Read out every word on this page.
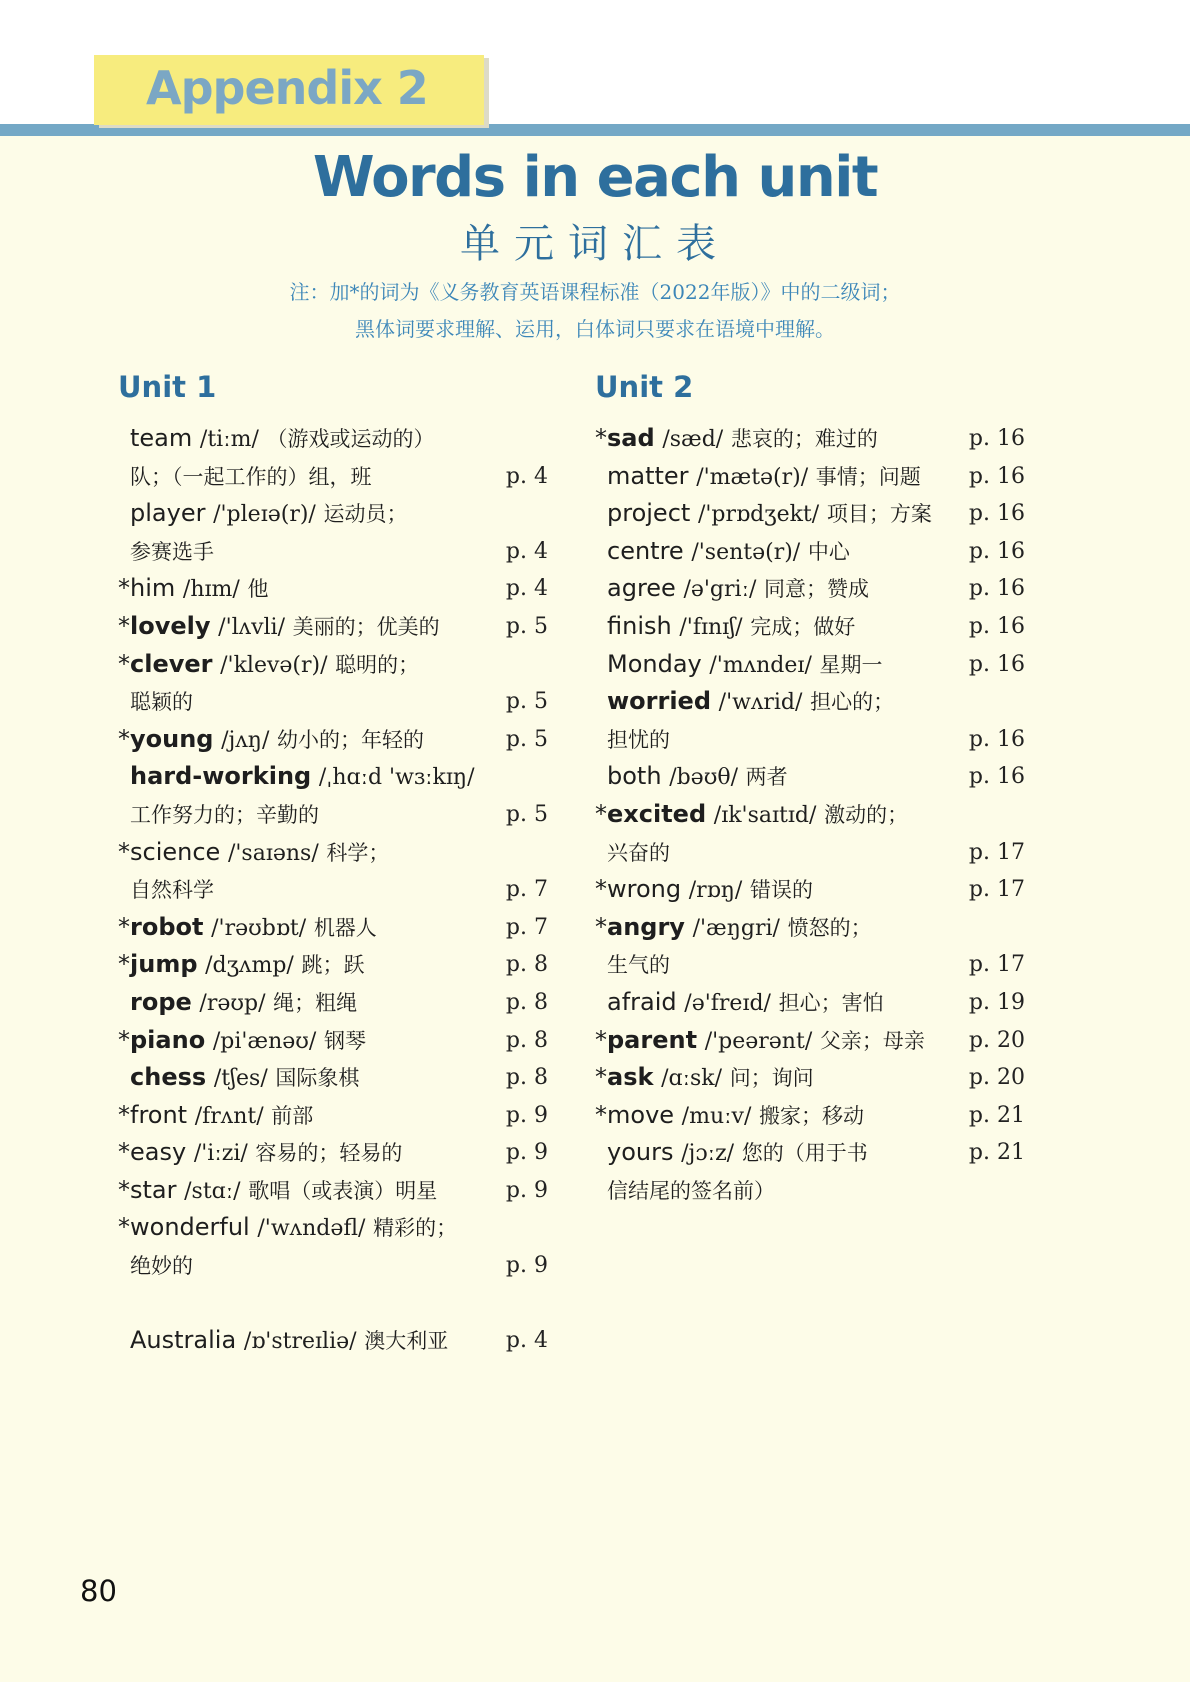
Appendix 2
Words in each unit
单元词汇表
注：加*的词为《义务教育英语课程标准（2022年版）》中的二级词；
黑体词要求理解、运用，白体词只要求在语境中理解。
Unit 1	Unit 2
team /tiːm/ （游戏或运动的）
队；（一起工作的）组，班	p. 4
player /'pleɪə(r)/ 运动员；
参赛选手	p. 4
*him /hɪm/ 他	p. 4
*lovely /'lʌvli/ 美丽的；优美的	p. 5
*clever /'klevə(r)/ 聪明的；
聪颖的	p. 5
*young /jʌŋ/ 幼小的；年轻的	p. 5
hard-working /ˌhɑːd 'wɜːkɪŋ/
工作努力的；辛勤的	p. 5
*science /'saɪəns/ 科学；
自然科学	p. 7
*robot /'rəʊbɒt/ 机器人	p. 7
*jump /dʒʌmp/ 跳；跃	p. 8
rope /rəʊp/ 绳；粗绳	p. 8
*piano /pi'ænəʊ/ 钢琴	p. 8
chess /tʃes/ 国际象棋	p. 8
*front /frʌnt/ 前部	p. 9
*easy /'iːzi/ 容易的；轻易的	p. 9
*star /stɑː/ 歌唱（或表演）明星	p. 9
*wonderful /'wʌndəfl/ 精彩的；
绝妙的	p. 9
Australia /ɒ'streɪliə/ 澳大利亚	p. 4
*sad /sæd/ 悲哀的；难过的	p. 16
matter /'mætə(r)/ 事情；问题 p. 16
project /'prɒdʒekt/ 项目；方案 p. 16
centre /'sentə(r)/ 中心	p. 16
agree /ə'griː/ 同意；赞成	p. 16
finish /'fɪnɪʃ/ 完成；做好	p. 16
Monday /'mʌndeɪ/ 星期一	p. 16
worried /'wʌrid/ 担心的；
担忧的	p. 16
both /bəʊθ/ 两者	p. 16
*excited /ɪk'saɪtɪd/ 激动的；
兴奋的	p. 17
*wrong /rɒŋ/ 错误的	p. 17
*angry /'æŋgri/ 愤怒的；
生气的	p. 17
afraid /ə'freɪd/ 担心；害怕	p. 19
*parent /'peərənt/ 父亲；母亲 p. 20
*ask /ɑːsk/ 问；询问	p. 20
*move /muːv/ 搬家；移动	p. 21
yours /jɔːz/ 您的（用于书	p. 21
信结尾的签名前）
80
